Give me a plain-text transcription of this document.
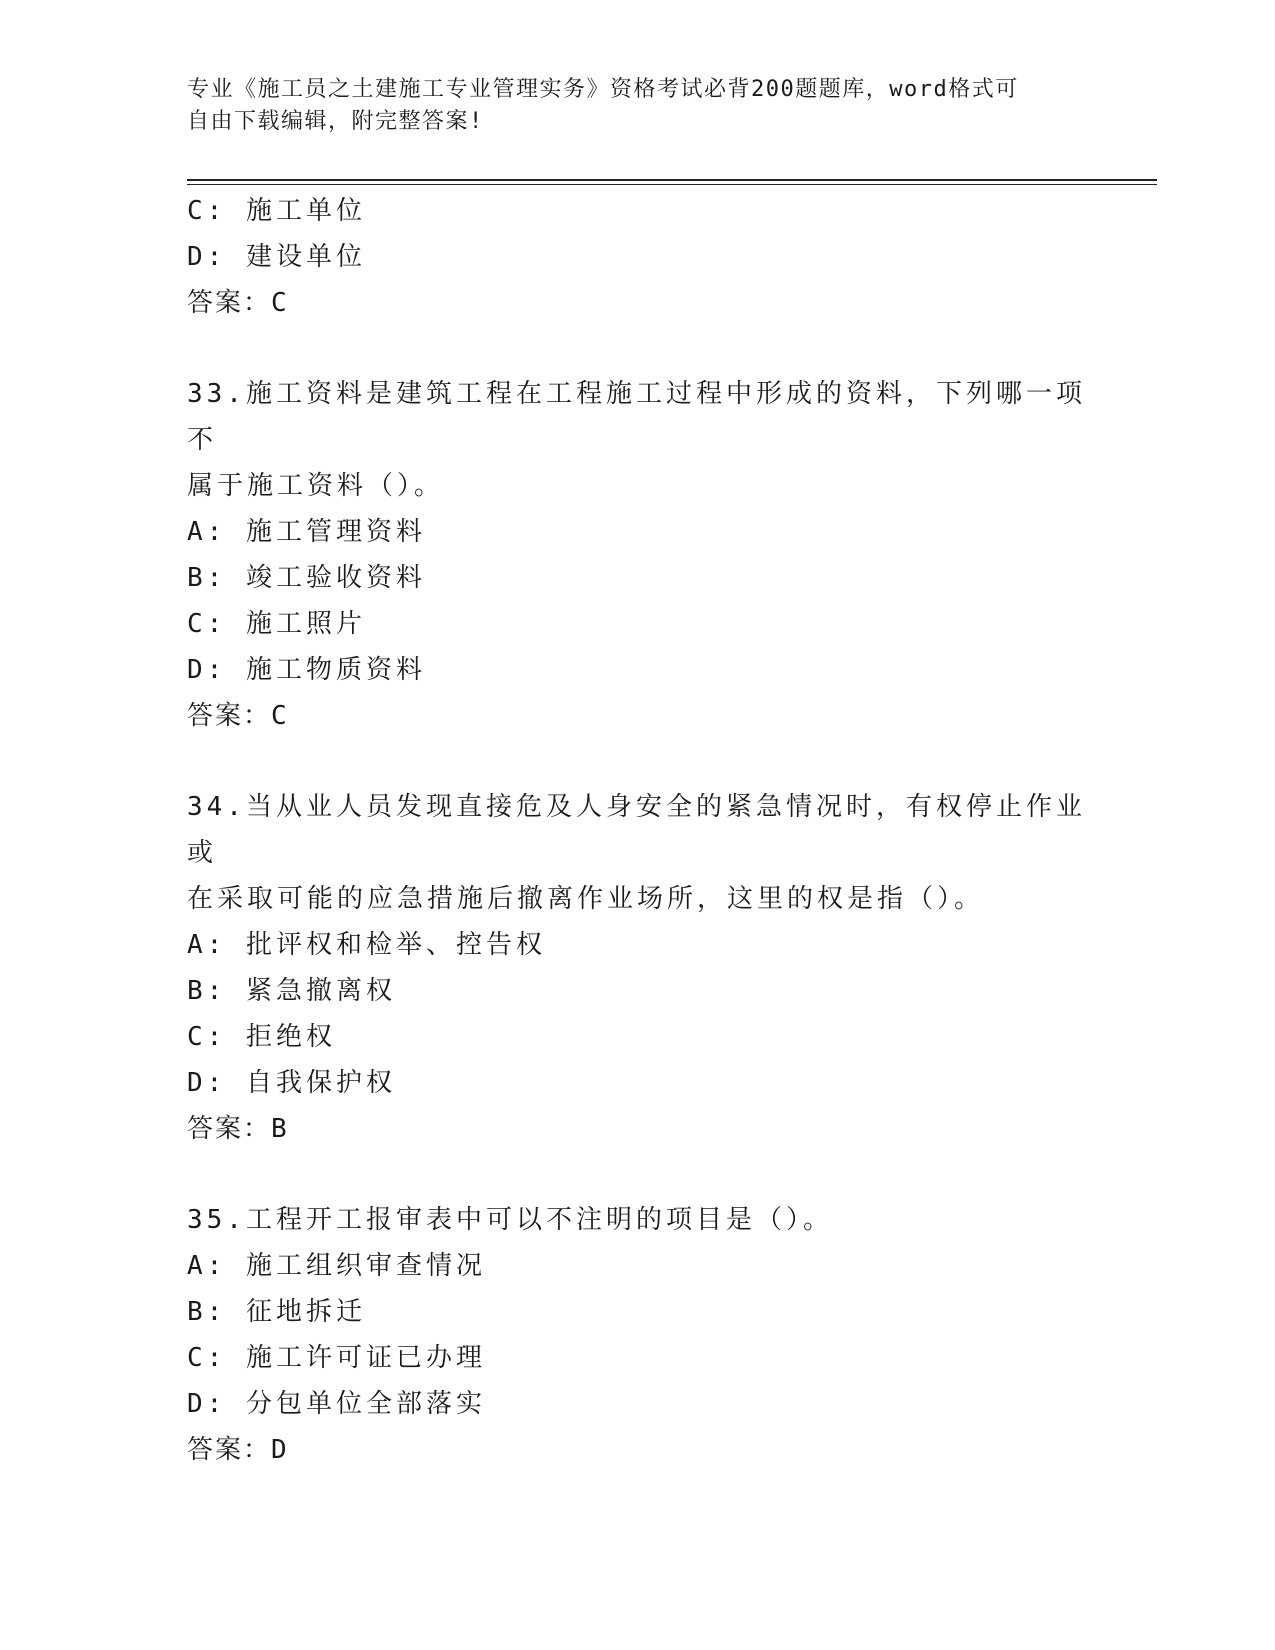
专业《施工员之土建施工专业管理实务》资格考试必背200题题库，word格式可
自由下载编辑，附完整答案!

C: 施工单位

D: 建设单位

答案：C

33.施工资料是建筑工程在工程施工过程中形成的资料，下列哪一项不

属于施工资料（）。

A: 施工管理资料

B: 竣工验收资料

C: 施工照片

D: 施工物质资料

答案：C

34.当从业人员发现直接危及人身安全的紧急情况时，有权停止作业或

在采取可能的应急措施后撤离作业场所，这里的权是指（）。

A: 批评权和检举、控告权

B: 紧急撤离权

C: 拒绝权

D: 自我保护权

答案：B

35.工程开工报审表中可以不注明的项目是（）。

A: 施工组织审查情况

B: 征地拆迁

C: 施工许可证已办理

D: 分包单位全部落实

答案：D
